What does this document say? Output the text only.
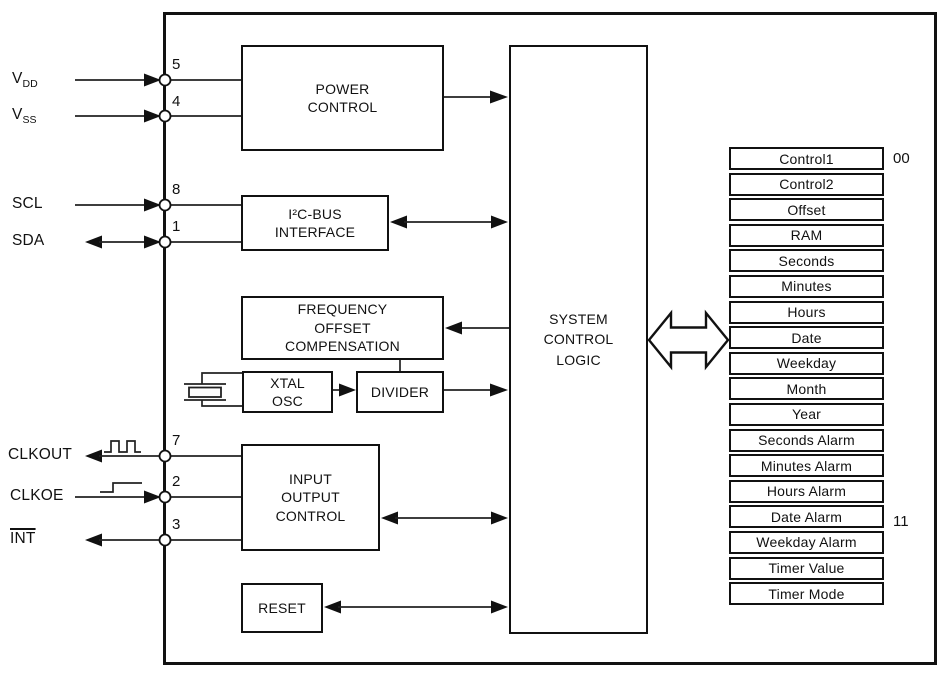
$V_{DD}$
$V_{SS}$
SCL
SDA
CLKOUT
CLKOE
$\overline{INT}$
5
4
8
1
7
2
3
POWER
CONTROL
I²C-BUS
INTERFACE
FREQUENCY
OFFSET
COMPENSATION
XTAL
OSC
DIVIDER
INPUT
OUTPUT
CONTROL
RESET
SYSTEM
CONTROL
LOGIC
Control1
Control2
Offset
RAM
Seconds
Minutes
Hours
Date
Weekday
Month
Year
Seconds Alarm
Minutes Alarm
Hours Alarm
Date Alarm
Weekday Alarm
Timer Value
Timer Mode
00
11
